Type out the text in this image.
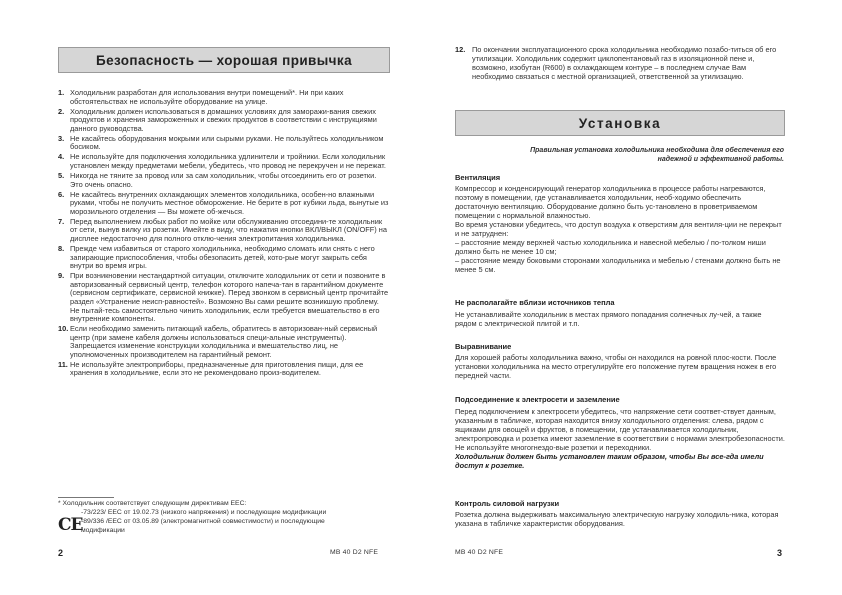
Безопасность — хорошая привычка
1. Холодильник разработан для использования внутри помещений*. Ни при каких обстоятельствах не используйте оборудование на улице.
2. Холодильник должен использоваться в домашних условиях для заморажи-вания свежих продуктов и хранения замороженных и свежих продуктов в соответствии с инструкциями данного руководства.
3. Не касайтесь оборудования мокрыми или сырыми руками. Не пользуйтесь холодильником босиком.
4. Не используйте для подключения холодильника удлинители и тройники. Если холодильник установлен между предметами мебели, убедитесь, что провод не перекручен и не пережат.
5. Никогда не тяните за провод или за сам холодильник, чтобы отсоединить его от розетки. Это очень опасно.
6. Не касайтесь внутренних охлаждающих элементов холодильника, особен-но влажными руками, чтобы не получить местное обморожение. Не берите в рот кубики льда, вынутые из морозильного отделения — Вы можете об-жечься.
7. Перед выполнением любых работ по мойке или обслуживанию отсоедини-те холодильник от сети, вынув вилку из розетки. Имейте в виду, что нажатия кнопки ВКЛ/ВЫКЛ (ON/OFF) на дисплее недостаточно для полного отклю-чения электропитания холодильника.
8. Прежде чем избавиться от старого холодильника, необходимо сломать или снять с него запирающие приспособления, чтобы обезопасить детей, кото-рые могут закрыть себя внутри во время игры.
9. При возникновении нестандартной ситуации, отключите холодильник от сети и позвоните в авторизованный сервисный центр, телефон которого напеча-тан в гарантийном документе (сервисном сертификате, сервисной книжке). Перед звонком в сервисный центр прочитайте раздел «Устранение неисп-равностей». Возможно Вы сами решите возникшую проблему. Не пытай-тесь самостоятельно чинить холодильник, если требуется вмешательство в его внутренние компоненты.
10. Если необходимо заменить питающий кабель, обратитесь в авторизован-ный сервисный центр (при замене кабеля должны использоваться специ-альные инструменты). Запрещается изменение конструкции холодильника и вмешательство лиц, не уполномоченных производителем на гарантийный ремонт.
11. Не используйте электроприборы, предназначенные для приготовления пищи, для ее хранения в холодильнике, если это не рекомендовано произ-водителем.
* Холодильник соответствует следующим директивам EEC:
CE
-73/223/ EEC от 19.02.73 (низкого напряжения) и последующие модификации
-89/336 /EEC от 03.05.89 (электромагнитной совместимости) и последующие
модификации
2	MB 40 D2 NFE
12. По окончании эксплуатационного срока холодильника необходимо позабо-титься об его утилизации. Холодильник содержит циклопентановый газ в изоляционной пене и, возможно, изобутан (R600) в охлаждающем контуре – в последнем случае Вам необходимо связаться с местной организацией, ответственной за утилизацию.
Установка
Правильная установка холодильника необходима для обеспечения его надежной и эффективной работы.
Вентиляция
Компрессор и конденсирующий генератор холодильника в процессе работы нагреваются, поэтому в помещении, где устанавливается холодильник, необ-ходимо обеспечить достаточную вентиляцию. Оборудование должно быть ус-тановлено в проветриваемом помещении с нормальной влажностью.
Во время установки убедитесь, что доступ воздуха к отверстиям для вентиля-ции не перекрыт и не затруднен:
– расстояние между верхней частью холодильника и навесной мебелью / по-толком ниши должно быть не менее 10 см;
– расстояние между боковыми сторонами холодильника и мебелью / стенами должно быть не менее 5 см.
Не располагайте вблизи источников тепла
Не устанавливайте холодильник в местах прямого попадания солнечных лу-чей, а также рядом с электрической плитой и т.п.
Выравнивание
Для хорошей работы холодильника важно, чтобы он находился на ровной плос-кости. После установки холодильника на место отрегулируйте его положение путем вращения ножек в его передней части.
Подсоединение к электросети и заземление
Перед подключением к электросети убедитесь, что напряжение сети соответ-ствует данным, указанным в табличке, которая находится внизу холодильного отделения: слева, рядом с ящиками для овощей и фруктов, в помещении, где устанавливается холодильник, электропроводка и розетка имеют заземление в соответствии с нормами электробезопасности. Не используйте многогнездо-вые розетки и переходники.
Холодильник должен быть установлен таким образом, чтобы Вы все-гда имели доступ к розетке.
Контроль силовой нагрузки
Розетка должна выдерживать максимальную электрическую нагрузку холодиль-ника, которая указана в табличке характеристик оборудования.
MB 40 D2 NFE	3
